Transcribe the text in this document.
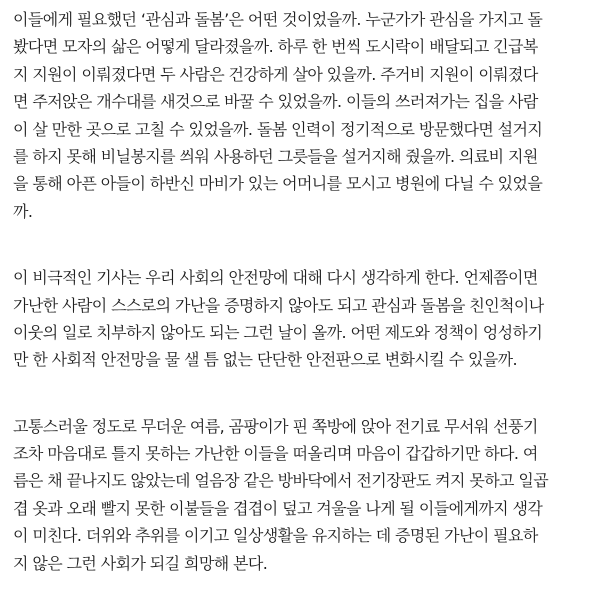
이들에게 필요했던 ‘관심과 돌봄’은 어떤 것이었을까. 누군가가 관심을 가지고 돌
봤다면 모자의 삶은 어떻게 달라졌을까. 하루 한 번씩 도시락이 배달되고 긴급복
지 지원이 이뤄졌다면 두 사람은 건강하게 살아 있을까. 주거비 지원이 이뤄졌다
면 주저앉은 개수대를 새것으로 바꿀 수 있었을까. 이들의 쓰러져가는 집을 사람
이 살 만한 곳으로 고칠 수 있었을까. 돌봄 인력이 정기적으로 방문했다면 설거지
를 하지 못해 비닐봉지를 씌워 사용하던 그릇들을 설거지해 줬을까. 의료비 지원
을 통해 아픈 아들이 하반신 마비가 있는 어머니를 모시고 병원에 다닐 수 있었을
까.
이 비극적인 기사는 우리 사회의 안전망에 대해 다시 생각하게 한다. 언제쯤이면
가난한 사람이 스스로의 가난을 증명하지 않아도 되고 관심과 돌봄을 친인척이나
이웃의 일로 치부하지 않아도 되는 그런 날이 올까. 어떤 제도와 정책이 엉성하기
만 한 사회적 안전망을 물 샐 틈 없는 단단한 안전판으로 변화시킬 수 있을까.
고통스러울 정도로 무더운 여름, 곰팡이가 핀 쪽방에 앉아 전기료 무서워 선풍기
조차 마음대로 틀지 못하는 가난한 이들을 떠올리며 마음이 갑갑하기만 하다. 여
름은 채 끝나지도 않았는데 얼음장 같은 방바닥에서 전기장판도 켜지 못하고 일곱
겹 옷과 오래 빨지 못한 이불들을 겹겹이 덮고 겨울을 나게 될 이들에게까지 생각
이 미친다. 더위와 추위를 이기고 일상생활을 유지하는 데 증명된 가난이 필요하
지 않은 그런 사회가 되길 희망해 본다.
